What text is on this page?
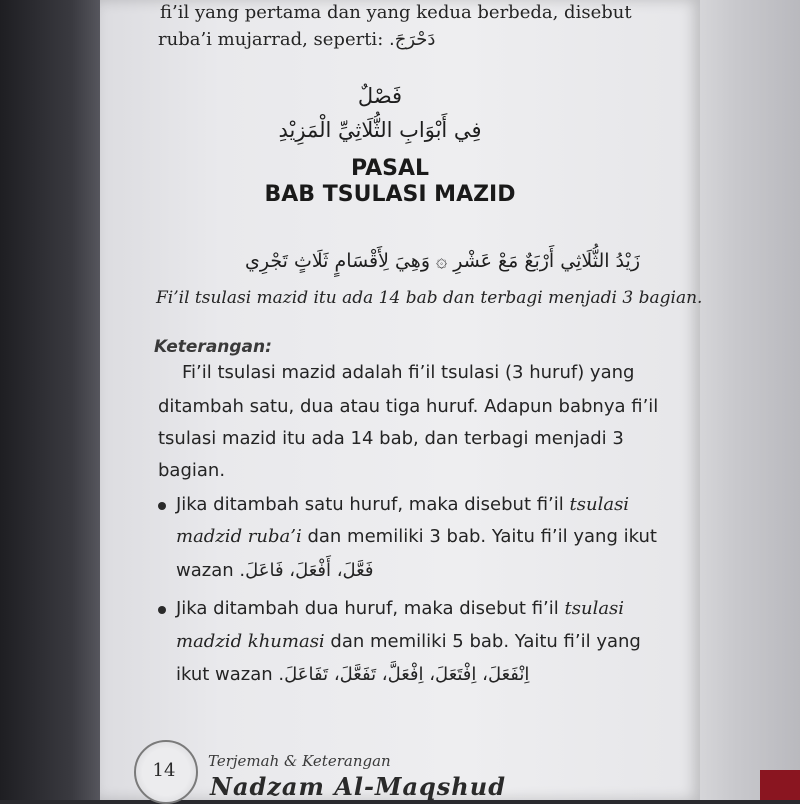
fi’il yang pertama dan yang kedua berbeda, disebut
ruba’i mujarrad, seperti: دَحْرَجَ.
فَصْلٌ
فِي أَبْوَابِ الثُّلَاثِيِّ الْمَزِيْدِ
PASAL
BAB TSULASI MAZID
زَيْدُ الثُّلَاثِي أَرْبَعٌ مَعْ عَشْرِ ۞ وَهِيَ لِأَقْسَامٍ ثَلَاثٍ تَجْرِي
Fi’il tsulasi mazid itu ada 14 bab dan terbagi menjadi 3 bagian.
Keterangan:
Fi’il tsulasi mazid adalah fi’il tsulasi (3 huruf) yang
ditambah satu, dua atau tiga huruf. Adapun babnya fi’il
tsulasi mazid itu ada 14 bab, dan terbagi menjadi 3
bagian.
Jika ditambah satu huruf, maka disebut fi’il tsulasi
madzid ruba’i dan memiliki 3 bab. Yaitu fi’il yang ikut
wazan فَعَّلَ، أَفْعَلَ، فَاعَلَ.
Jika ditambah dua huruf, maka disebut fi’il tsulasi
madzid khumasi dan memiliki 5 bab. Yaitu fi’il yang
ikut wazan اِنْفَعَلَ، اِفْتَعَلَ، اِفْعَلَّ، تَفَعَّلَ، تَفَاعَلَ.
14	Terjemah & Keterangan
Nadzam Al-Maqshud
